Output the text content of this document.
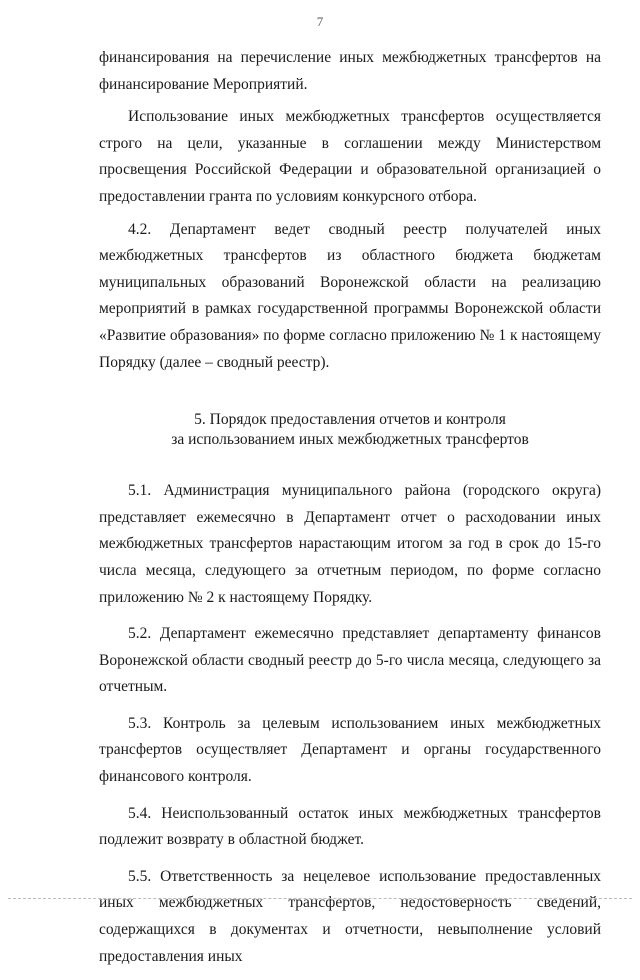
7

финансирования на перечисление иных межбюджетных трансфертов на финансирование Мероприятий.

Использование иных межбюджетных трансфертов осуществляется строго на цели, указанные в соглашении между Министерством просвещения Российской Федерации и образовательной организацией о предоставлении гранта по условиям конкурсного отбора.

4.2. Департамент ведет сводный реестр получателей иных межбюджетных трансфертов из областного бюджета бюджетам муниципальных образований Воронежской области на реализацию мероприятий в рамках государственной программы Воронежской области «Развитие образования» по форме согласно приложению № 1 к настоящему Порядку (далее – сводный реестр).

5. Порядок предоставления отчетов и контроля
за использованием иных межбюджетных трансфертов

5.1. Администрация муниципального района (городского округа) представляет ежемесячно в Департамент отчет о расходовании иных межбюджетных трансфертов нарастающим итогом за год в срок до 15-го числа месяца, следующего за отчетным периодом, по форме согласно приложению № 2 к настоящему Порядку.

5.2. Департамент ежемесячно представляет департаменту финансов Воронежской области сводный реестр до 5-го числа месяца, следующего за отчетным.

5.3. Контроль за целевым использованием иных межбюджетных трансфертов осуществляет Департамент и органы государственного финансового контроля.

5.4. Неиспользованный остаток иных межбюджетных трансфертов подлежит возврату в областной бюджет.

5.5. Ответственность за нецелевое использование предоставленных иных межбюджетных трансфертов, недостоверность сведений, содержащихся в документах и отчетности, невыполнение условий предоставления иных
